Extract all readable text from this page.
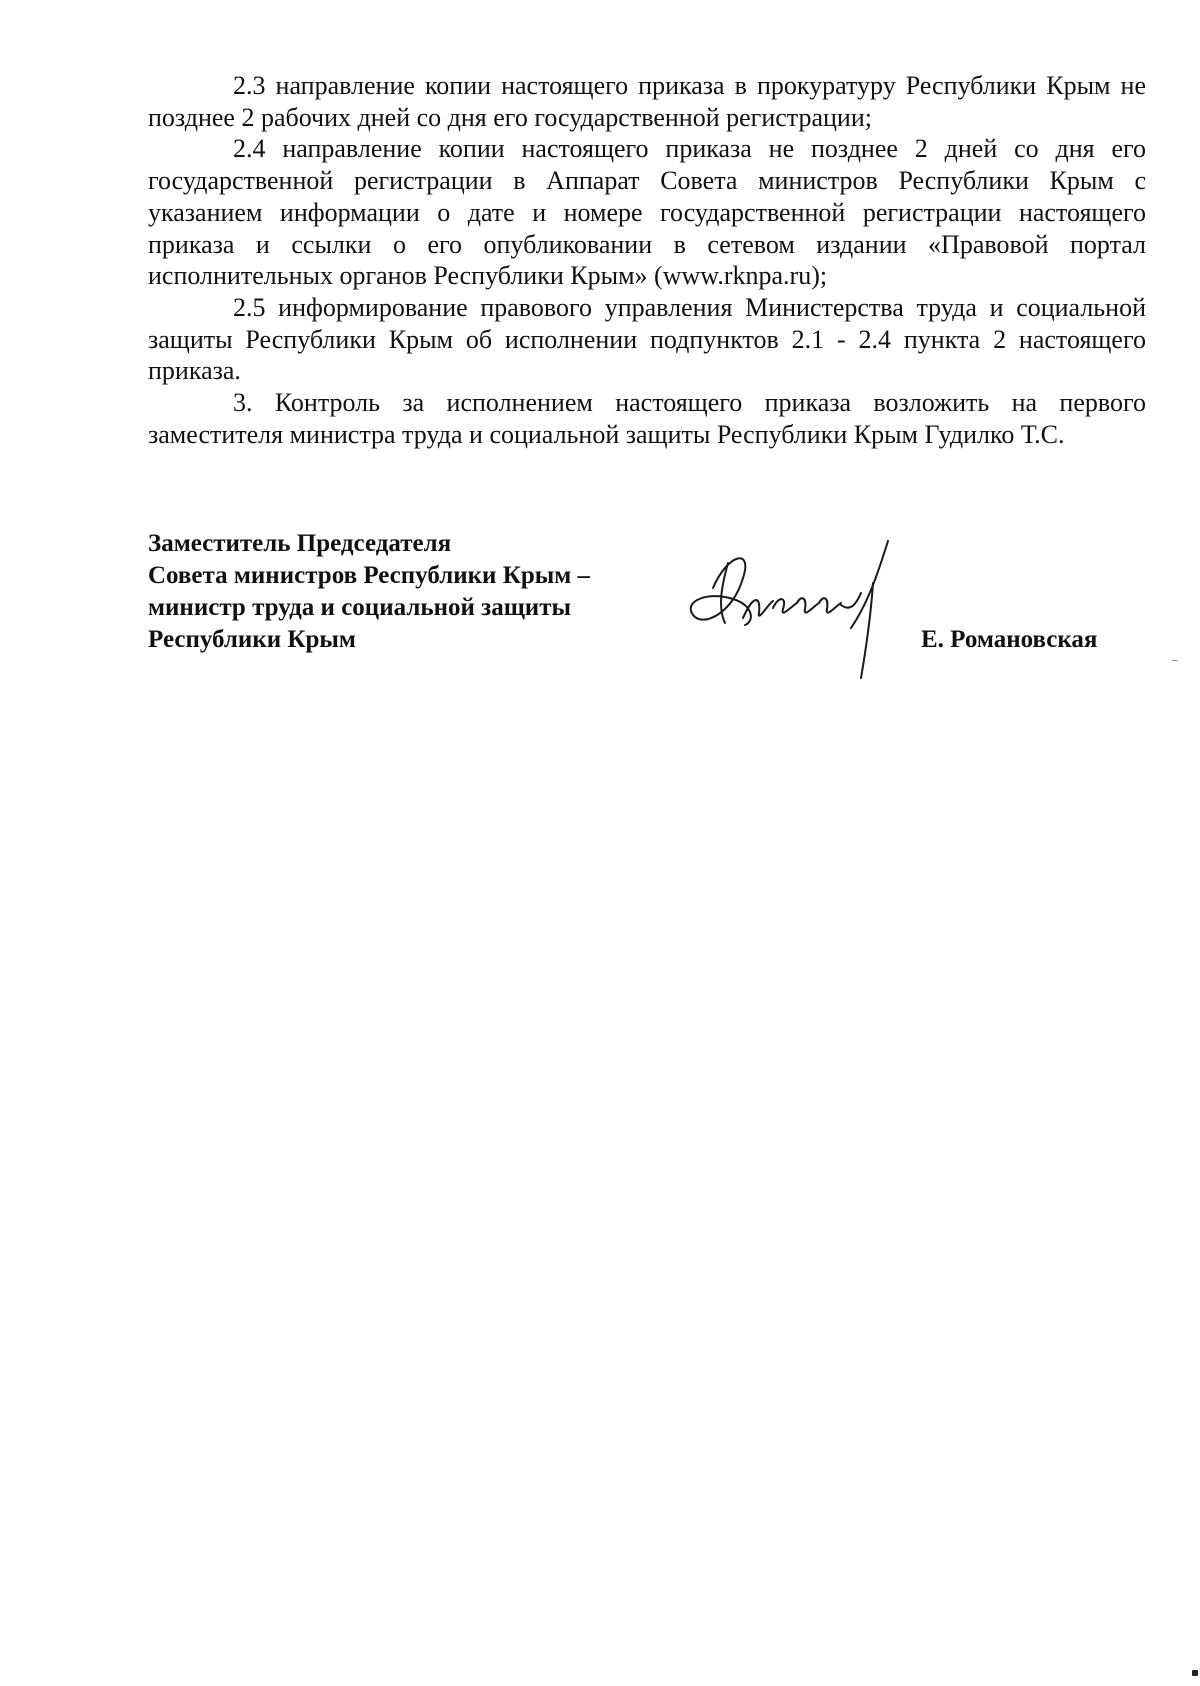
2.3 направление копии настоящего приказа в прокуратуру Республики Крым не позднее 2 рабочих дней со дня его государственной регистрации;

2.4 направление копии настоящего приказа не позднее 2 дней со дня его государственной регистрации в Аппарат Совета министров Республики Крым с указанием информации о дате и номере государственной регистрации настоящего приказа и ссылки о его опубликовании в сетевом издании «Правовой портал исполнительных органов Республики Крым» (www.rknpa.ru);

2.5 информирование правового управления Министерства труда и социальной защиты Республики Крым об исполнении подпунктов 2.1 - 2.4 пункта 2 настоящего приказа.

3. Контроль за исполнением настоящего приказа возложить на первого заместителя министра труда и социальной защиты Республики Крым Гудилко Т.С.

Заместитель Председателя
Совета министров Республики Крым –
министр труда и социальной защиты
Республики Крым	Е. Романовская
